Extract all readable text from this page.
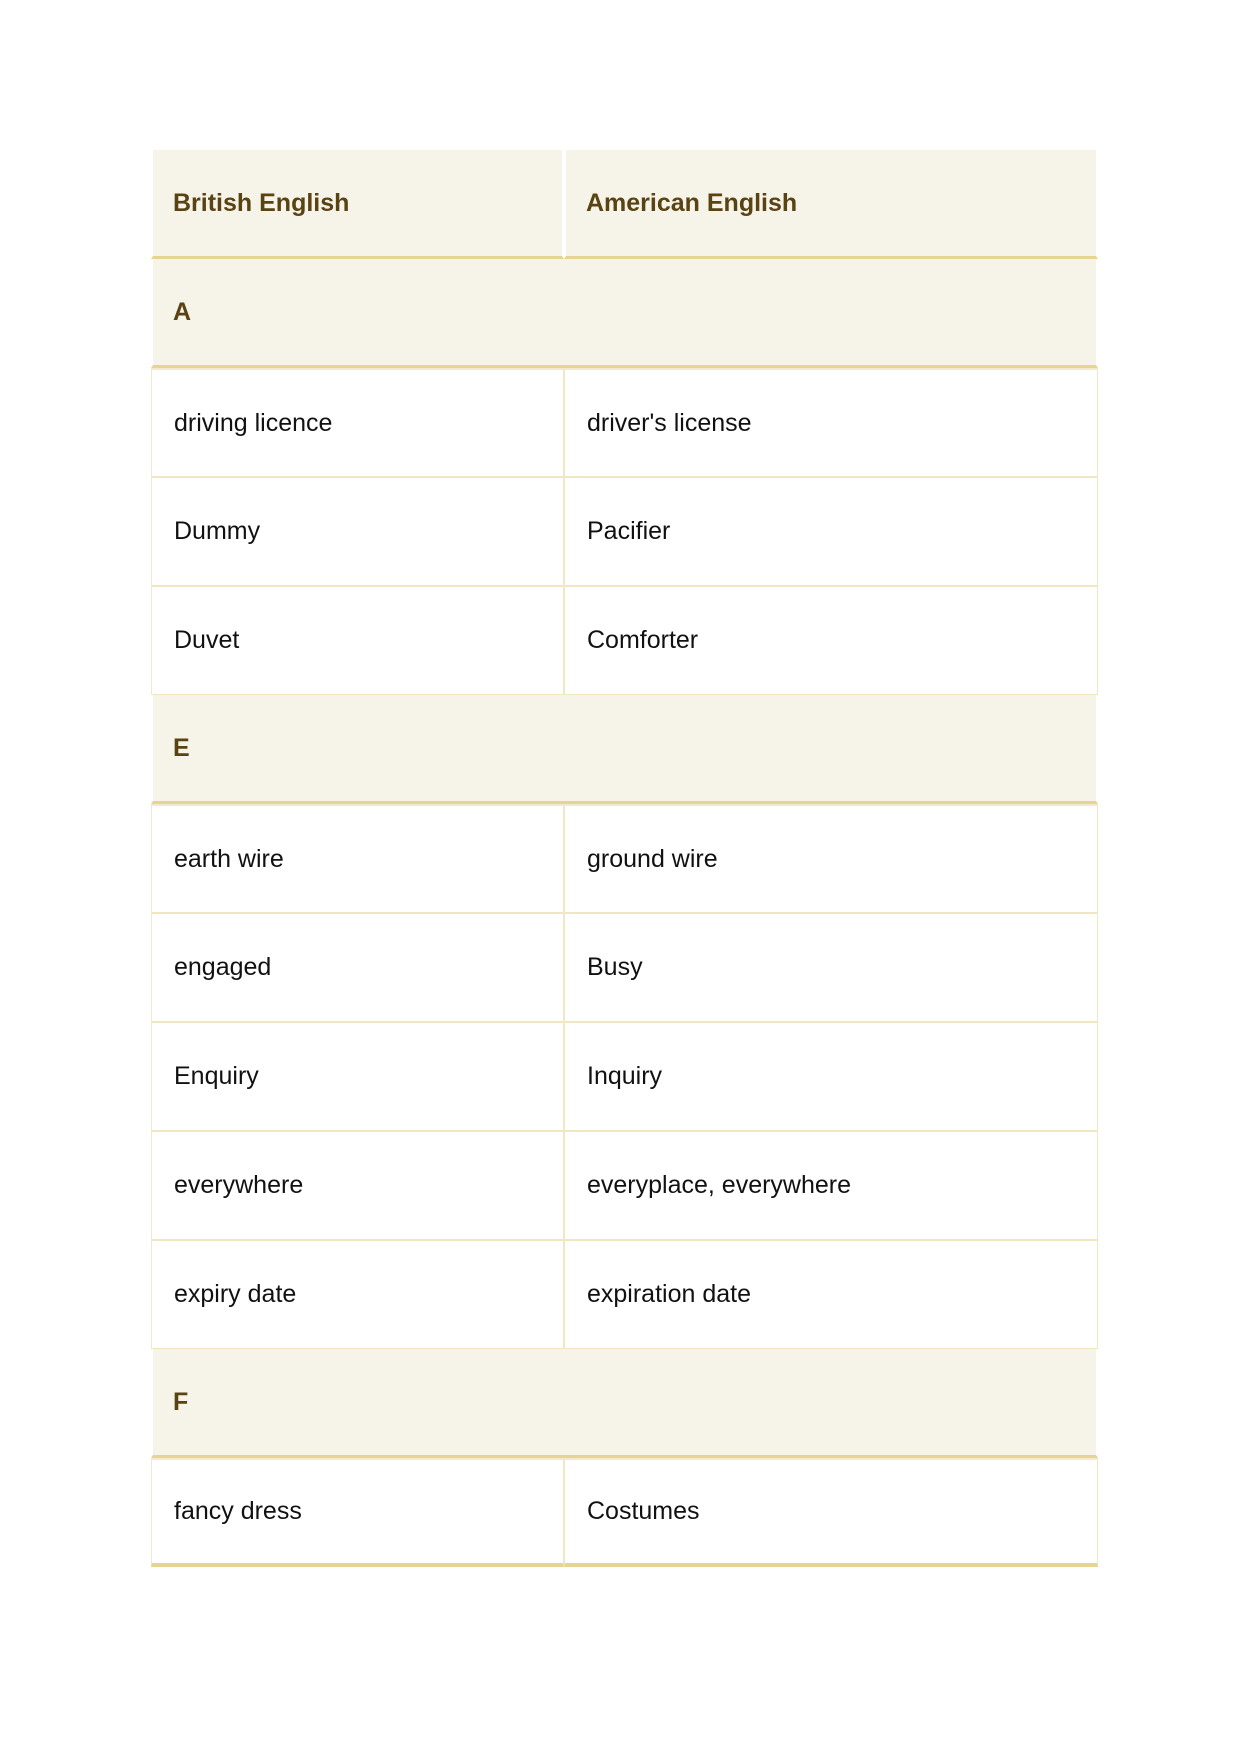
British English	American English
A	
driving licence	driver's license
Dummy	Pacifier
Duvet	Comforter
E	
earth wire	ground wire
engaged	Busy
Enquiry	Inquiry
everywhere	everyplace, everywhere
expiry date	expiration date
F	
fancy dress	Costumes
